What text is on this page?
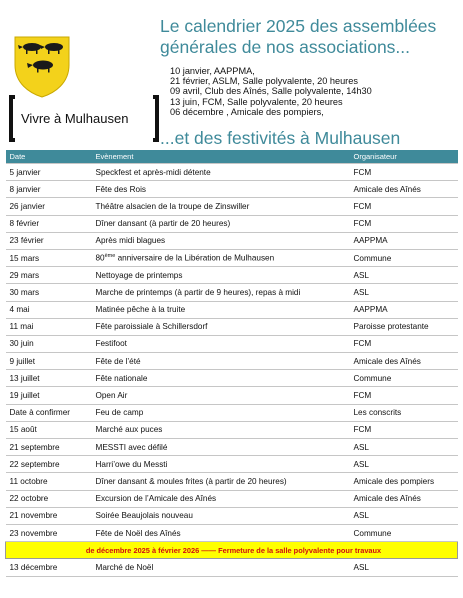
Le calendrier 2025 des assemblées
générales de nos associations...
10 janvier, AAPPMA,
21 février, ASLM, Salle polyvalente, 20 heures
09 avril, Club des Aînés, Salle polyvalente, 14h30
13 juin, FCM, Salle polyvalente, 20 heures
06 décembre , Amicale des pompiers,
Vivre à Mulhausen
...et des festivités à Mulhausen
Date	Evènement	Organisateur
5 janvier	Speckfest et après-midi détente	FCM
8 janvier	Fête des Rois	Amicale des Aînés
26 janvier	Théâtre alsacien de la troupe de Zinswiller	FCM
8 février	Dîner dansant (à partir de 20 heures)	FCM
23 février	Après midi blagues	AAPPMA
15 mars	80ème anniversaire de la Libération de Mulhausen	Commune
29 mars	Nettoyage de printemps	ASL
30 mars	Marche de printemps (à partir de 9 heures), repas à midi	ASL
4 mai	Matinée pêche à la truite	AAPPMA
11 mai	Fête paroissiale à Schillersdorf	Paroisse protestante
30 juin	Festifoot	FCM
9 juillet	Fête de l’été	Amicale des Aînés
13 juillet	Fête nationale	Commune
19 juillet	Open Air	FCM
Date à confirmer	Feu de camp	Les conscrits
15 août	Marché aux puces	FCM
21 septembre	MESSTI avec défilé	ASL
22 septembre	Harri’owe du Messti	ASL
11 octobre	Dîner dansant & moules frites (à partir de 20 heures)	Amicale des pompiers
22 octobre	Excursion de l’Amicale des Aînés	Amicale des Aînés
21 novembre	Soirée Beaujolais nouveau	ASL
23 novembre	Fête de Noël des Aînés	Commune
de décembre 2025 à février 2026 —— Fermeture de la salle polyvalente pour travaux		
13 décembre	Marché de Noël	ASL
